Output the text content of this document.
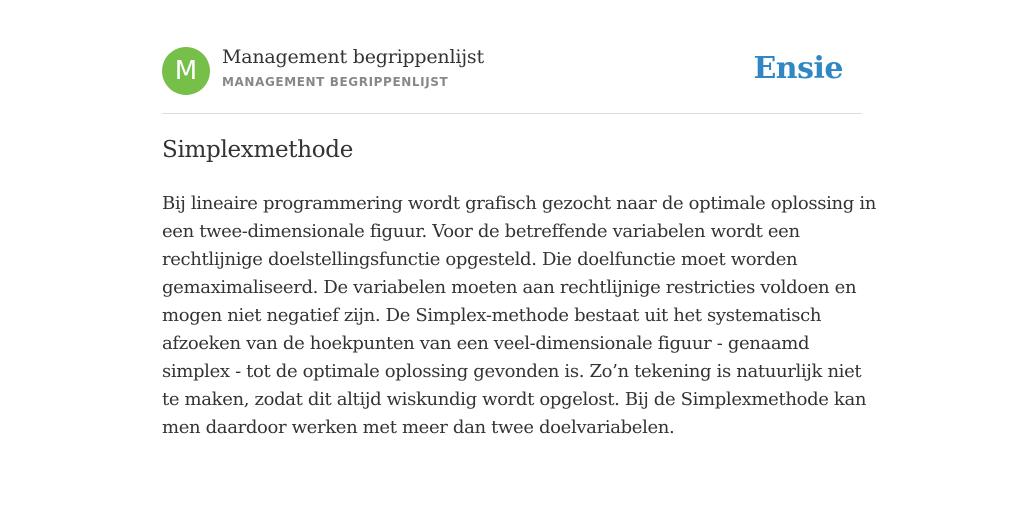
M	Management begrippenlijst
MANAGEMENT BEGRIPPENLIJST	Ensie
Simplexmethode
Bij lineaire programmering wordt grafisch gezocht naar de optimale oplossing in
een twee-dimensionale figuur. Voor de betreffende variabelen wordt een
rechtlijnige doelstellingsfunctie opgesteld. Die doelfunctie moet worden
gemaximaliseerd. De variabelen moeten aan rechtlijnige restricties voldoen en
mogen niet negatief zijn. De Simplex-methode bestaat uit het systematisch
afzoeken van de hoekpunten van een veel-dimensionale figuur - genaamd
simplex - tot de optimale oplossing gevonden is. Zo’n tekening is natuurlijk niet
te maken, zodat dit altijd wiskundig wordt opgelost. Bij de Simplexmethode kan
men daardoor werken met meer dan twee doelvariabelen.
